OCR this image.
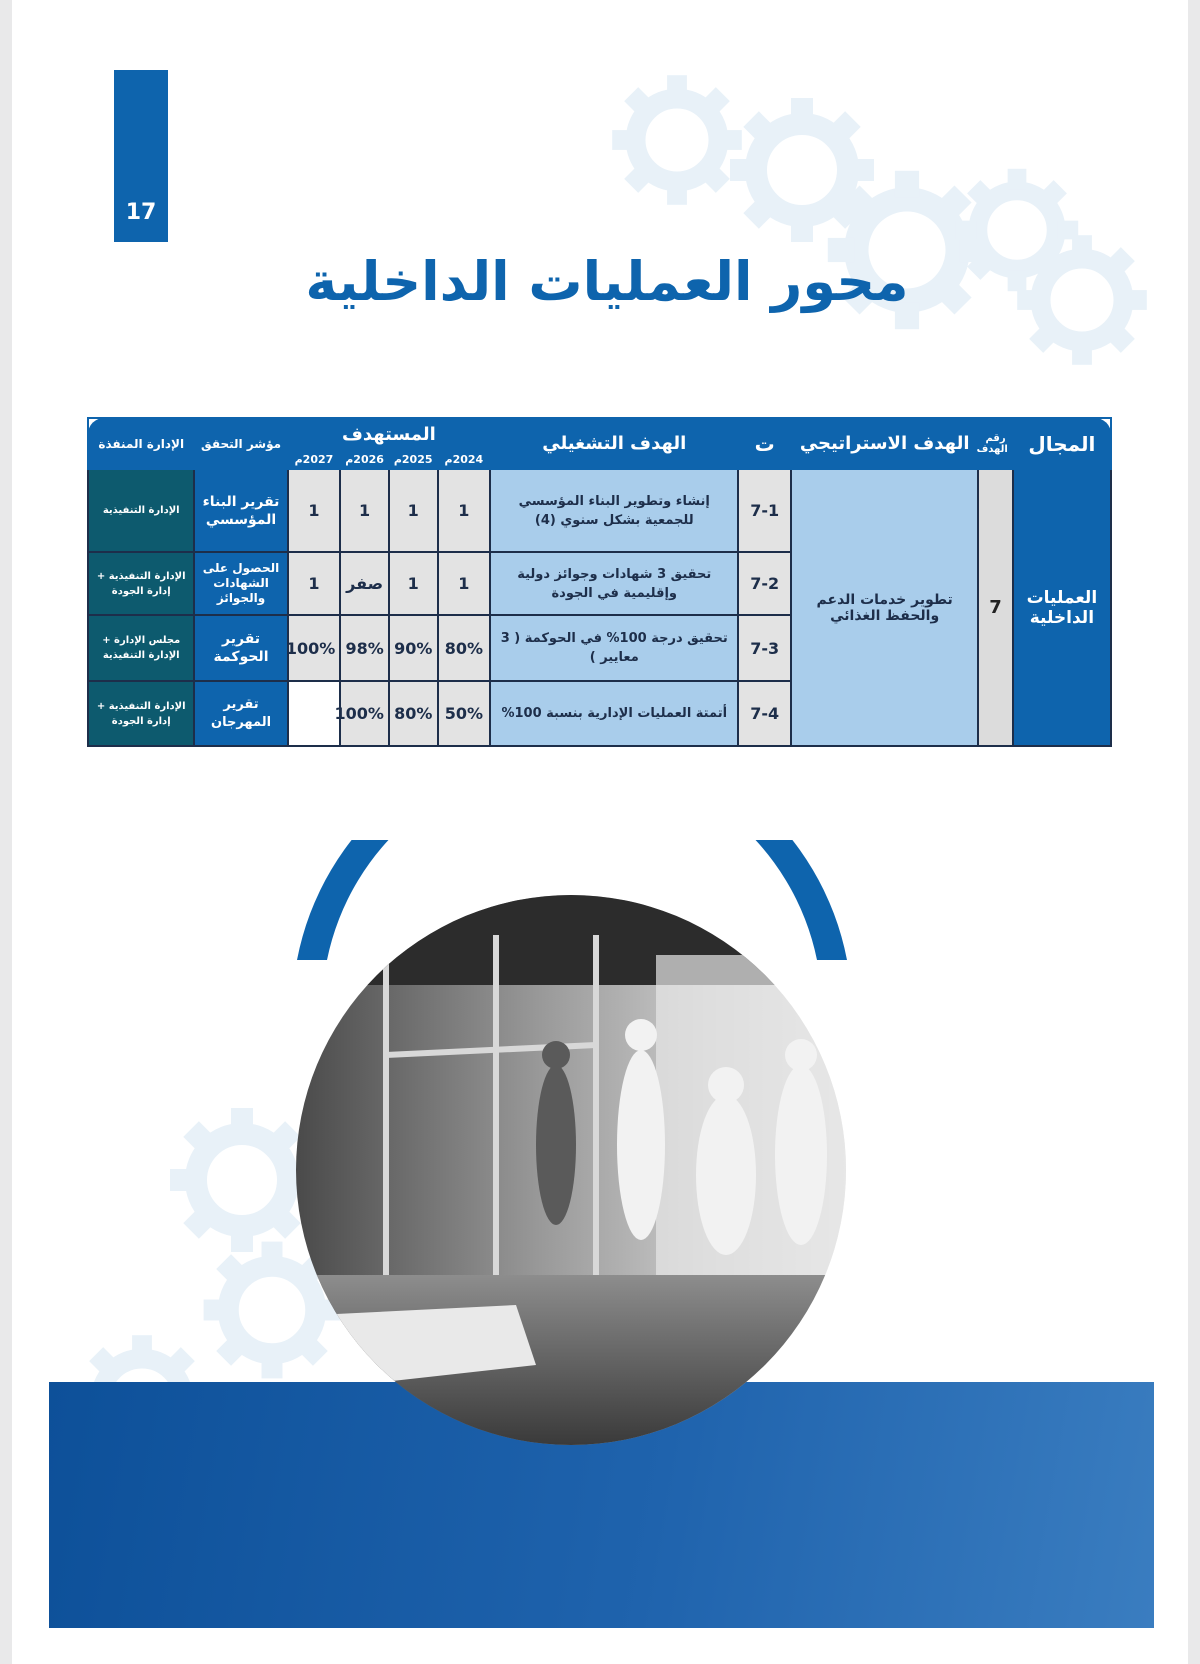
17
محور العمليات الداخلية
المجال	رقم الهدف	الهدف الاستراتيجي	ت	الهدف التشغيلي	المستهدف				مؤشر التحقق	الإدارة المنفذة
					2024م	2025م	2026م	2027م		
العمليات الداخلية	7	تطوير خدمات الدعم والحفظ الغذائي	7-1	إنشاء وتطوير البناء المؤسسي للجمعية بشكل سنوي (4)	1	1	1	1	تقرير البناء المؤسسي	الإدارة التنفيذية
			7-2	تحقيق 3 شهادات وجوائز دولية وإقليمية في الجودة	1	1	صفر	1	الحصول على الشهادات والجوائز	الإدارة التنفيذية + إدارة الجودة
			7-3	تحقيق درجة 100% في الحوكمة ( 3 معايير )	80%	90%	98%	100%	تقرير الحوكمة	مجلس الإدارة + الإدارة التنفيذية
			7-4	أتمتة العمليات الإدارية بنسبة 100%	50%	80%	100%		تقرير المهرجان	الإدارة التنفيذية + إدارة الجودة
